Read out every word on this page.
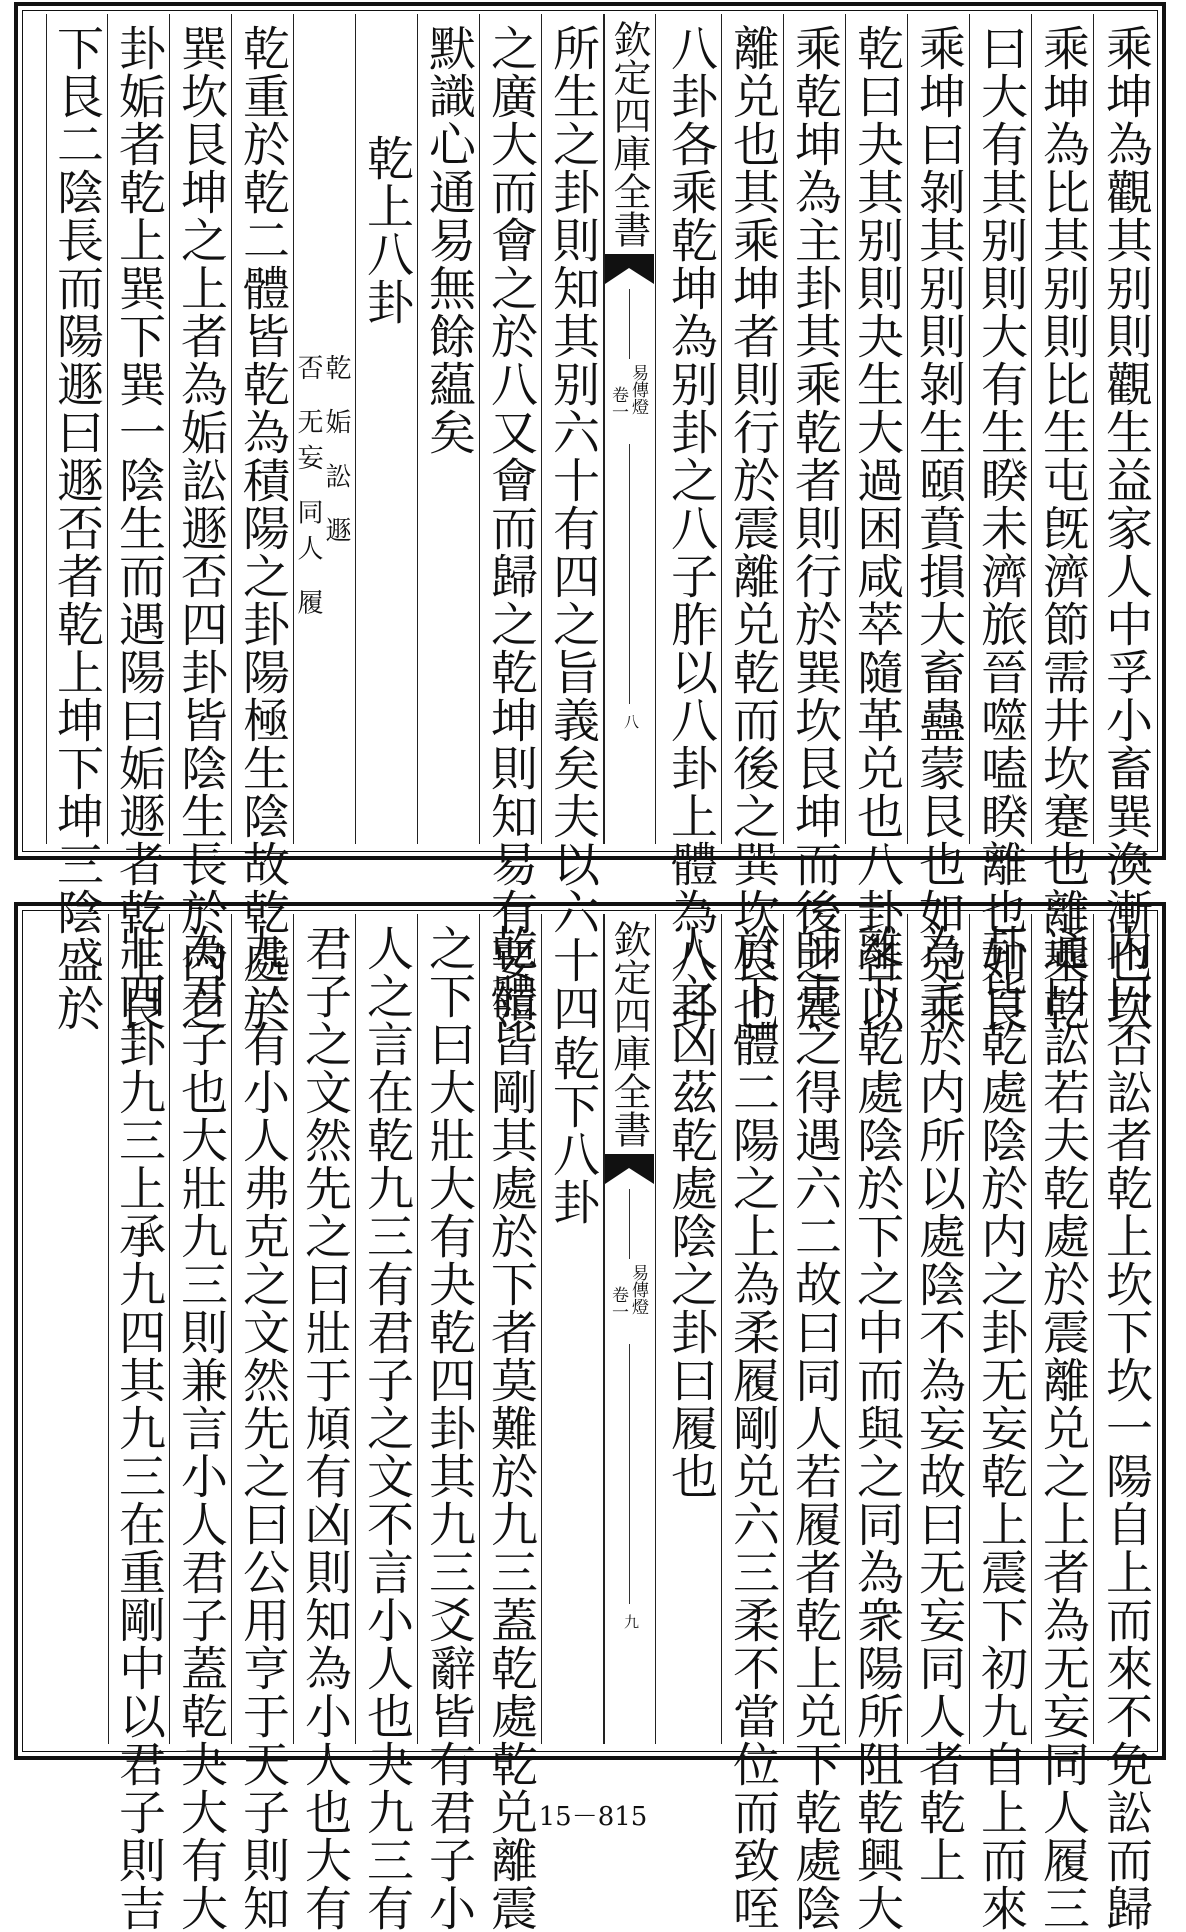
乘坤為觀其别則觀生益家人中孚小畜巽渙漸也坎
乘坤為比其别則比生屯旣濟節需井坎蹇也離乘乾
曰大有其别則大有生睽未濟旅晉噬嗑睽離也如艮
乘坤曰剝其别則剝生頤賁損大畜蠱蒙艮也如兑乘
乾曰夬其别則夬生大過困咸萃隨革兑也八卦各以
乘乾坤為主卦其乘乾者則行於巽坎艮坤而後之震
離兑也其乘坤者則行於震離兑乾而後之巽坎艮也
八卦各乘乾坤為别卦之八子胙以八卦上體為八卦
欽定四庫全書
易傳燈
卷一
八
所生之卦則知其别六十有四之旨義矣夫以六十四
之廣大而會之於八又會而歸之乾坤則知易有要領
默識心通易無餘藴矣
乾上八卦
乾 姤 訟 遯
否 无妄 同人 履
乾重於乾二體皆乾為積陽之卦陽極生陰故乾處於
巽坎艮坤之上者為姤訟遯否四卦皆陰生長於内之
卦姤者乾上巽下巽一陰生而遇陽曰姤遯者乾上艮
下艮二陰長而陽遯曰遯否者乾上坤下坤三陰盛於
内曰否訟者乾上坎下坎一陽自上而來不免訟而歸
通曰訟若夫乾處於震離兑之上者為无妄同人履三
卦皆乾處陰於内之卦无妄乾上震下初九自上而來
為主於内所以處陰不為妄故曰无妄同人者乾上
離下乾處陰於下之中而與之同為衆陽所阻乾興大
師克之得遇六二故曰同人若履者乾上兑下乾處陰
於下體二陽之上為柔履剛兑六三柔不當位而致咥
人之凶茲乾處陰之卦曰履也
欽定四庫全書
易傳燈
卷一
九
乾下八卦
乾體皆剛其處於下者莫難於九三蓋乾處乾兑離震
之下曰大壯大有夬乾四卦其九三爻辭皆有君子小
人之言在乾九三有君子之文不言小人也夬九三有
君子之文然先之曰壯于頄有凶則知為小人也大有
九三有小人弗克之文然先之曰公用亨于天子則知
為君子也大壯九三則兼言小人君子蓋乾夬大有大
壯四卦九三上承九四其九三在重剛中以君子則吉	15－815
